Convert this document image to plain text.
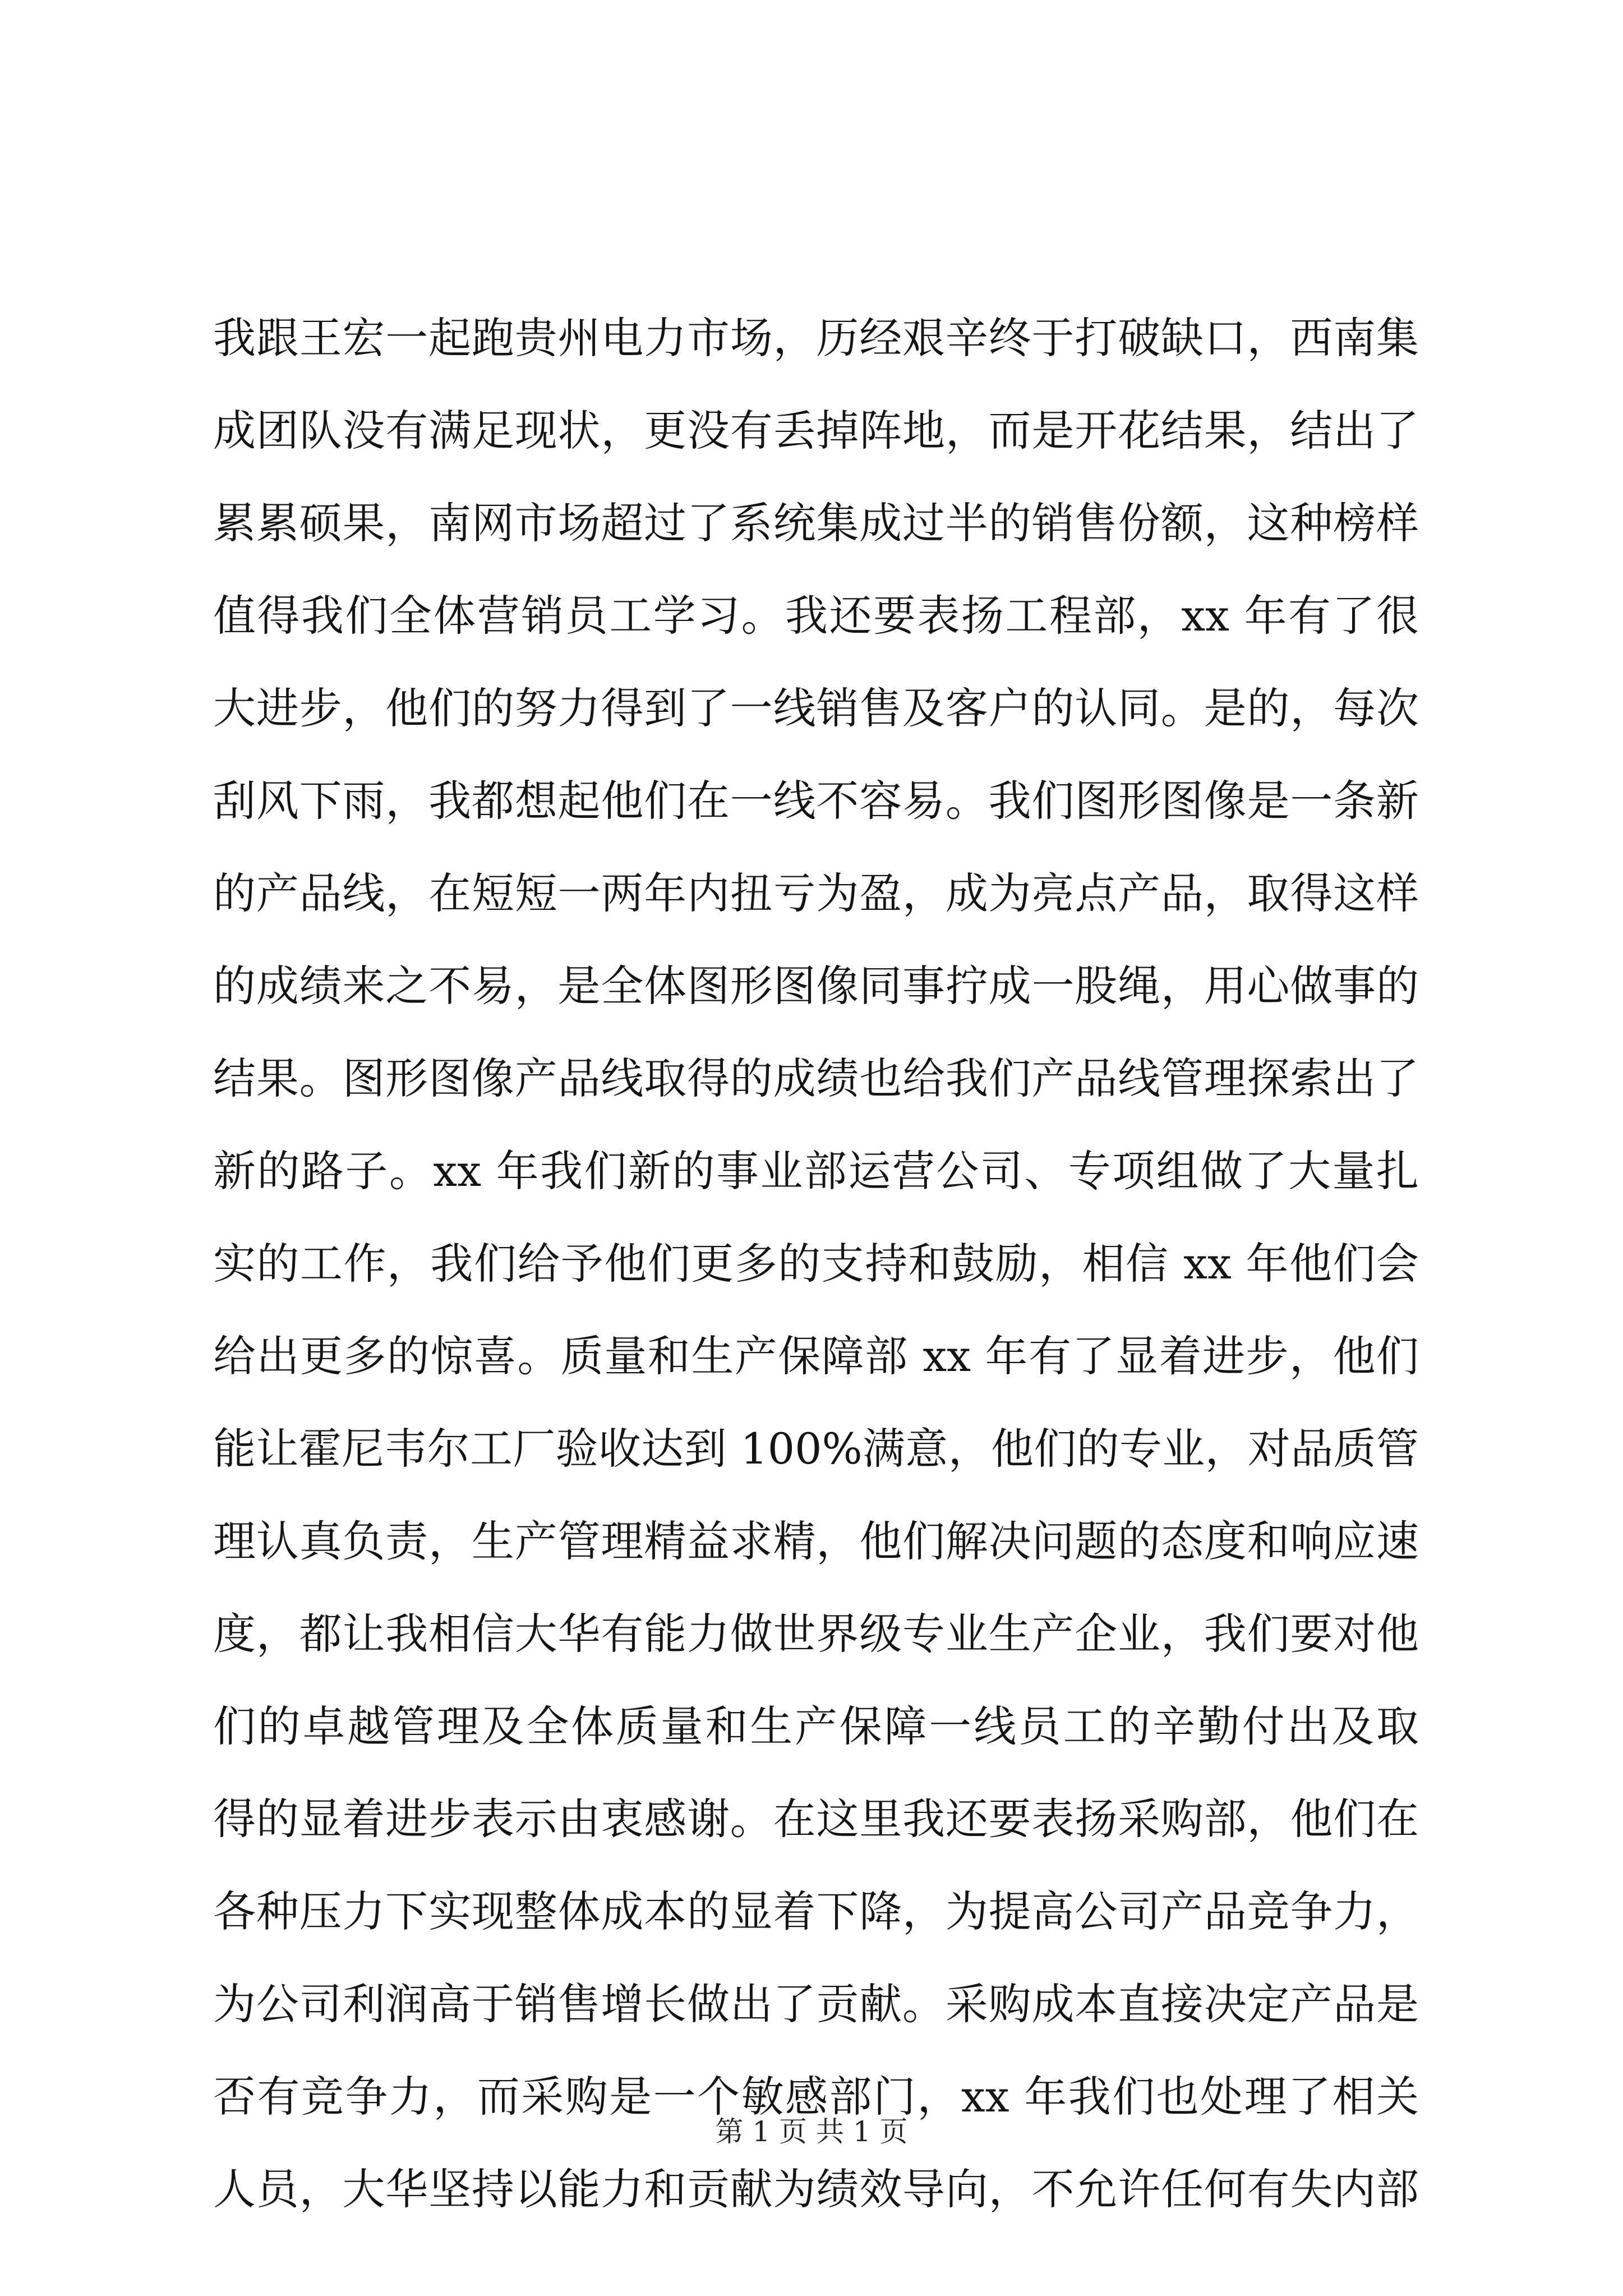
我跟王宏一起跑贵州电力市场，历经艰辛终于打破缺口，西南集
成团队没有满足现状，更没有丢掉阵地，而是开花结果，结出了
累累硕果，南网市场超过了系统集成过半的销售份额，这种榜样
值得我们全体营销员工学习。我还要表扬工程部，xx 年有了很
大进步，他们的努力得到了一线销售及客户的认同。是的，每次
刮风下雨，我都想起他们在一线不容易。我们图形图像是一条新
的产品线，在短短一两年内扭亏为盈，成为亮点产品，取得这样
的成绩来之不易，是全体图形图像同事拧成一股绳，用心做事的
结果。图形图像产品线取得的成绩也给我们产品线管理探索出了
新的路子。xx 年我们新的事业部运营公司、专项组做了大量扎
实的工作，我们给予他们更多的支持和鼓励，相信 xx 年他们会
给出更多的惊喜。质量和生产保障部 xx 年有了显着进步，他们
能让霍尼韦尔工厂验收达到 100%满意，他们的专业，对品质管
理认真负责，生产管理精益求精，他们解决问题的态度和响应速
度，都让我相信大华有能力做世界级专业生产企业，我们要对他
们的卓越管理及全体质量和生产保障一线员工的辛勤付出及取
得的显着进步表示由衷感谢。在这里我还要表扬采购部，他们在
各种压力下实现整体成本的显着下降，为提高公司产品竞争力，
为公司利润高于销售增长做出了贡献。采购成本直接决定产品是
否有竞争力，而采购是一个敏感部门，xx 年我们也处理了相关
人员，大华坚持以能力和贡献为绩效导向，不允许任何有失内部
第 1 页 共 1 页
